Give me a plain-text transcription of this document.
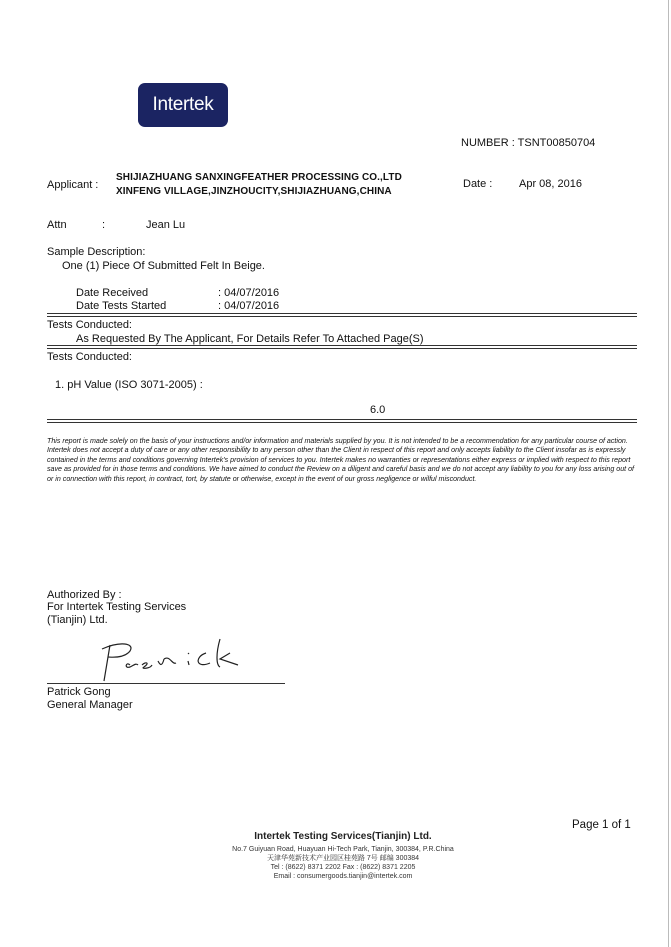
Intertek
NUMBER : TSNT00850704
Applicant :
SHIJIAZHUANG SANXINGFEATHER PROCESSING CO.,LTD
XINFENG VILLAGE,JINZHOUCITY,SHIJIAZHUANG,CHINA
Date : Apr 08, 2016
Attn	:	Jean Lu
Sample Description:
One (1) Piece Of Submitted Felt In Beige.
Date Received	: 04/07/2016
Date Tests Started	: 04/07/2016
Tests Conducted:
As Requested By The Applicant, For Details Refer To Attached Page(S)
Tests Conducted:
1. pH Value (ISO 3071-2005) :
6.0
This report is made solely on the basis of your instructions and/or information and materials supplied by you. It is not intended to be a recommendation for any particular course of action. Intertek does not accept a duty of care or any other responsibility to any person other than the Client in respect of this report and only accepts liability to the Client insofar as is expressly contained in the terms and conditions governing Intertek's provision of services to you. Intertek makes no warranties or representations either express or implied with respect to this report save as provided for in those terms and conditions. We have aimed to conduct the Review on a diligent and careful basis and we do not accept any liability to you for any loss arising out of or in connection with this report, in contract, tort, by statute or otherwise, except in the event of our gross negligence or wilful misconduct.
Authorized By :
For Intertek Testing Services
(Tianjin) Ltd.
Patrick Gong
General Manager
Page 1 of 1
Intertek Testing Services(Tianjin) Ltd.
No.7 Guiyuan Road, Huayuan Hi-Tech Park, Tianjin, 300384, P.R.China
天津华苑新技术产业园区桂苑路 7号 邮编 300384
Tel : (8622) 8371 2202 Fax : (8622) 8371 2205
Email : consumergoods.tianjin@intertek.com
